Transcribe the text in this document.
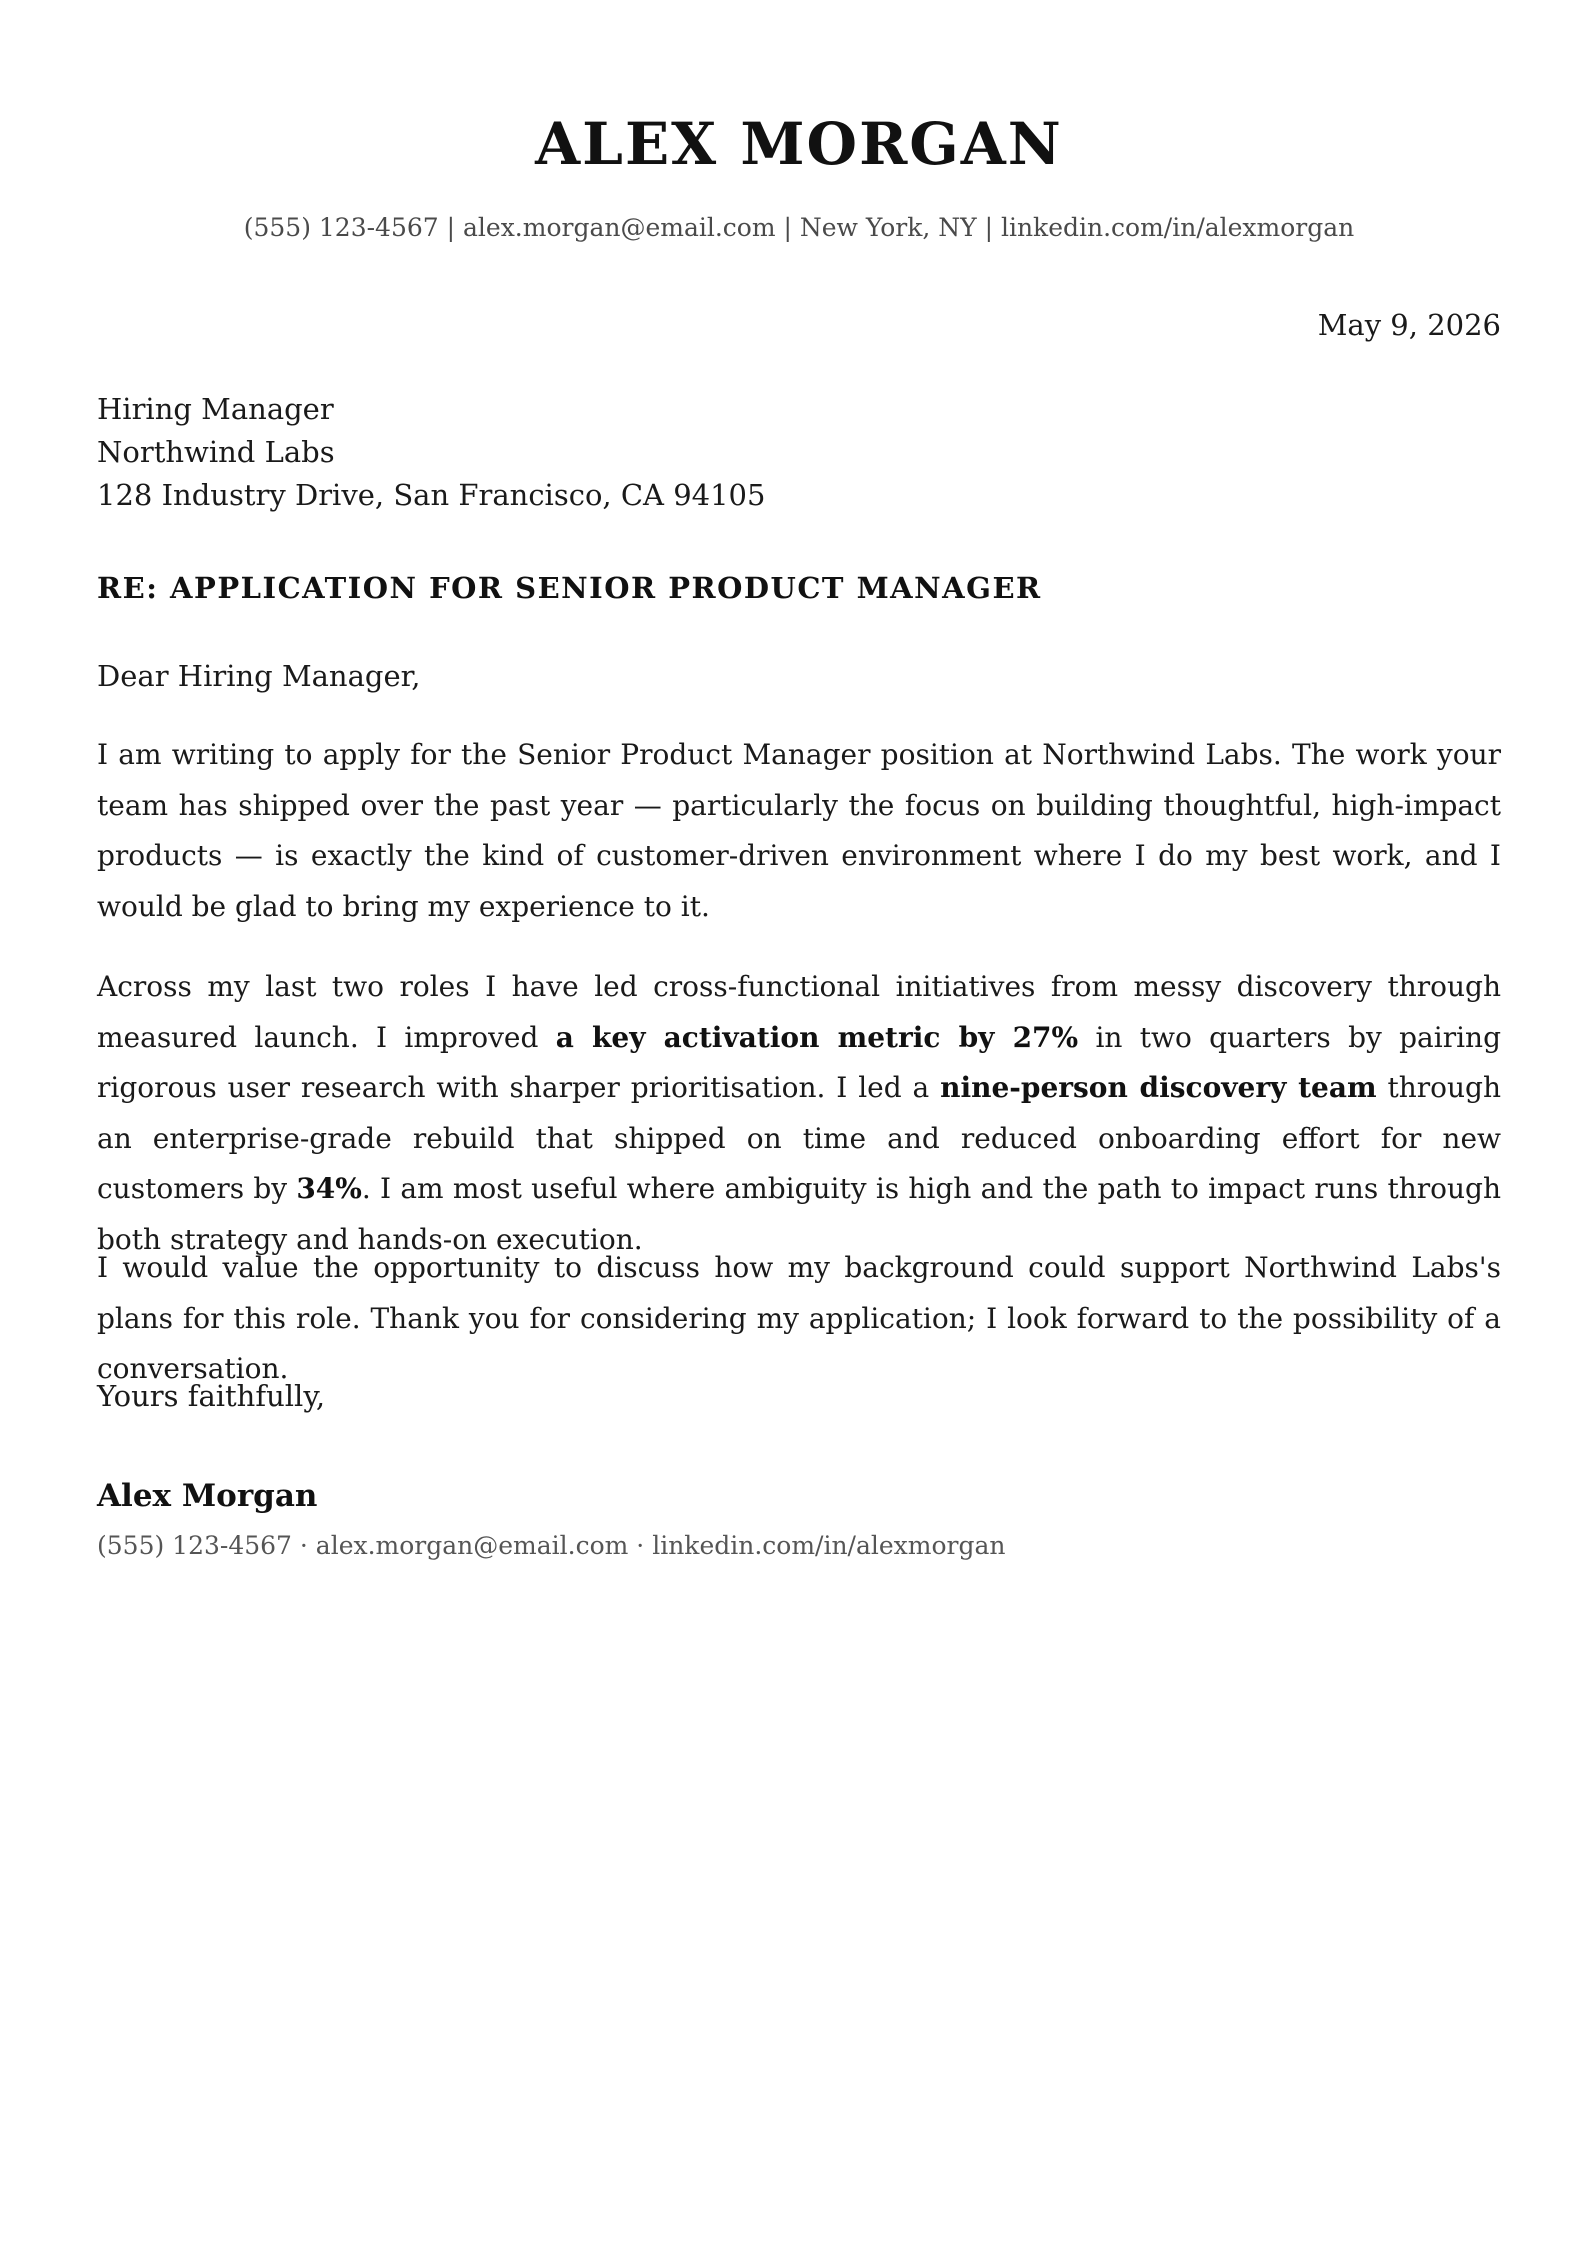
ALEX MORGAN
(555) 123-4567 | alex.morgan@email.com | New York, NY | linkedin.com/in/alexmorgan
May 9, 2026
Hiring Manager
Northwind Labs
128 Industry Drive, San Francisco, CA 94105
RE: APPLICATION FOR SENIOR PRODUCT MANAGER
Dear Hiring Manager,
I am writing to apply for the Senior Product Manager position at Northwind Labs. The work your team has shipped over the past year — particularly the focus on building thoughtful, high-impact products — is exactly the kind of customer-driven environment where I do my best work, and I would be glad to bring my experience to it.
Across my last two roles I have led cross-functional initiatives from messy discovery through measured launch. I improved a key activation metric by 27% in two quarters by pairing rigorous user research with sharper prioritisation. I led a nine-person discovery team through an enterprise-grade rebuild that shipped on time and reduced onboarding effort for new customers by 34%. I am most useful where ambiguity is high and the path to impact runs through both strategy and hands-on execution.
I would value the opportunity to discuss how my background could support Northwind Labs's plans for this role. Thank you for considering my application; I look forward to the possibility of a conversation.
Yours faithfully,
Alex Morgan
(555) 123-4567 · alex.morgan@email.com · linkedin.com/in/alexmorgan
